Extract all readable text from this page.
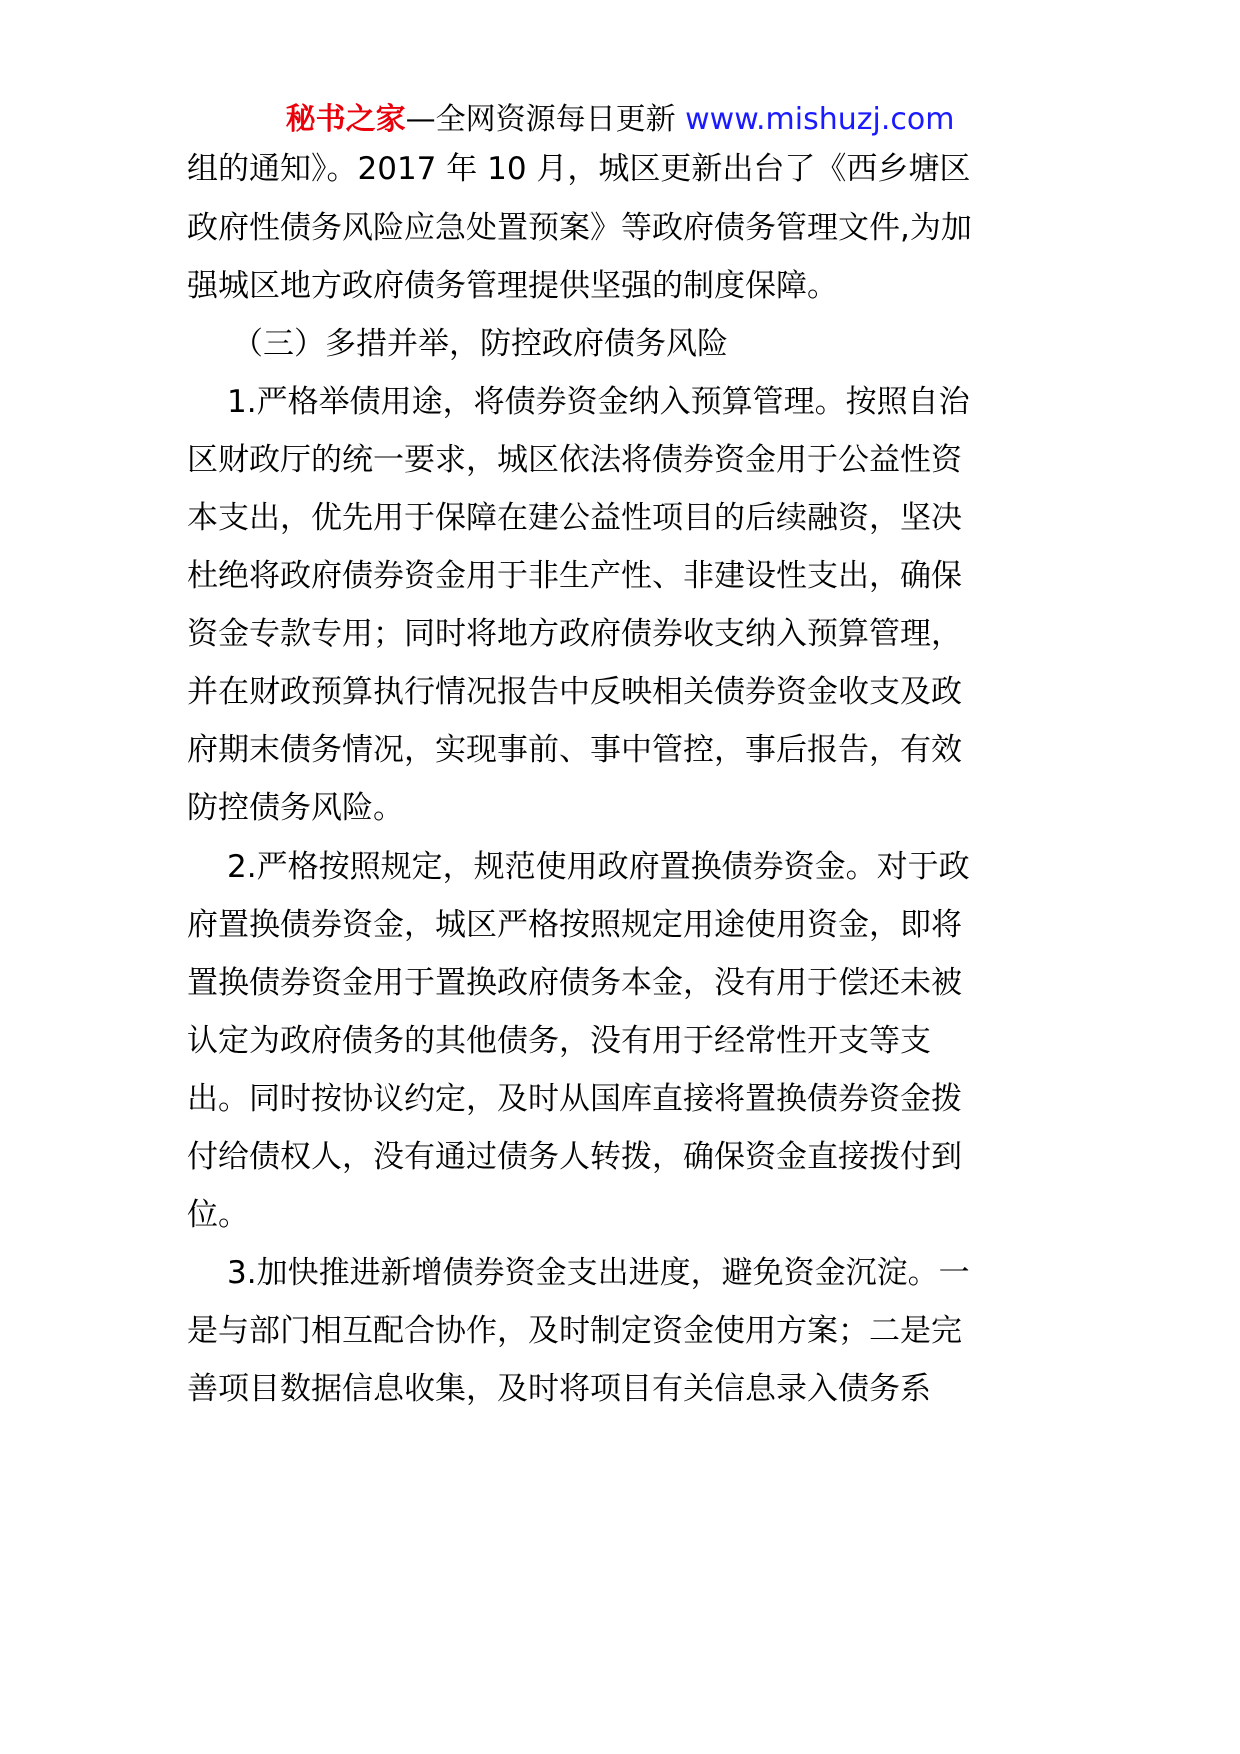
秘书之家—全网资源每日更新 www.mishuzj.com
组的通知》。2017 年 10 月，城区更新出台了《西乡塘区
政府性债务风险应急处置预案》等政府债务管理文件,为加
强城区地方政府债务管理提供坚强的制度保障。
（三）多措并举，防控政府债务风险
1.严格举债用途，将债券资金纳入预算管理。按照自治
区财政厅的统一要求，城区依法将债券资金用于公益性资
本支出，优先用于保障在建公益性项目的后续融资，坚决
杜绝将政府债券资金用于非生产性、非建设性支出，确保
资金专款专用；同时将地方政府债券收支纳入预算管理，
并在财政预算执行情况报告中反映相关债券资金收支及政
府期末债务情况，实现事前、事中管控，事后报告，有效
防控债务风险。
2.严格按照规定，规范使用政府置换债券资金。对于政
府置换债券资金，城区严格按照规定用途使用资金，即将
置换债券资金用于置换政府债务本金，没有用于偿还未被
认定为政府债务的其他债务，没有用于经常性开支等支
出。同时按协议约定，及时从国库直接将置换债券资金拨
付给债权人，没有通过债务人转拨，确保资金直接拨付到
位。
3.加快推进新增债券资金支出进度，避免资金沉淀。一
是与部门相互配合协作，及时制定资金使用方案；二是完
善项目数据信息收集，及时将项目有关信息录入债务系
